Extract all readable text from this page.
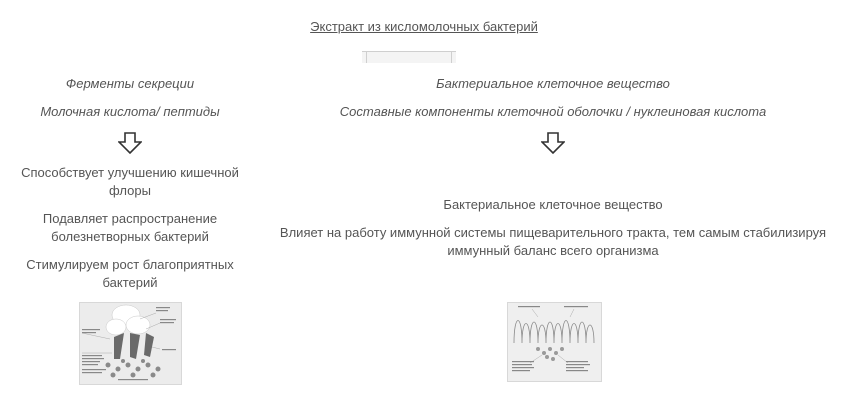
Экстракт из кисломолочных бактерий
Ферменты секреции
Молочная кислота/ пептиды
Способствует улучшению кишечной флоры
Подавляет распространение болезнетворных бактерий
Стимулируем рост благоприятных бактерий
Бактериальное клеточное вещество
Составные компоненты клеточной оболочки / нуклеиновая кислота
Бактериальное клеточное вещество
Влияет на работу иммунной системы пищеварительного тракта, тем самым стабилизируя иммунный баланс всего организма
